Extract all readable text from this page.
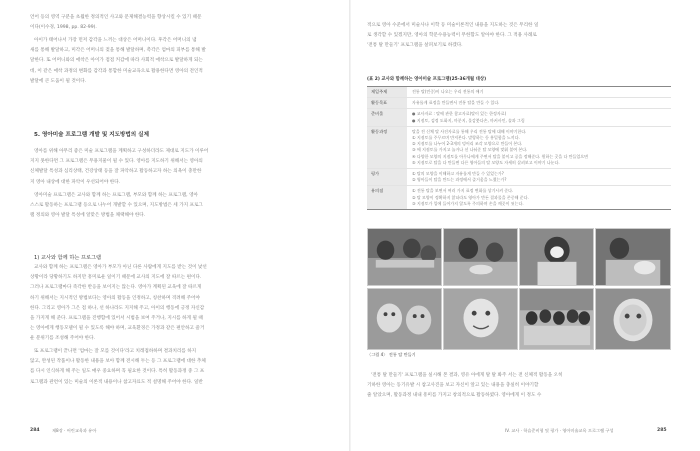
언어 등의 영역 구분을 초월한 정의적인 사고와 문제해결능력을 향상시킬 수 있기 때문

이다(이수경, 1998, pp. 82-99).

아이가 태어나서 가장 먼저 감각을 느끼는 대상은 어머니이다. 후각은 어머니의 냄

새를 통해 발달하고, 미각은 어머니의 젖을 통해 발달하며, 촉각은 엄마의 피부를 통해 발

달한다. 또 어머니와의 애착은 아이가 점점 커감에 따라 사회적 애착으로 발달하게 되는

데, 이 같은 애착 과정의 변화를 감각과 통합한 미술교육으로 활용한다면 영아의 전인적

발달에 큰 도움이 될 것이다.

5. 영아미술 프로그램 개발 및 지도방법의 실제

영아를 위해 아무리 좋은 미술 프로그램을 계획하고 구성하더라도 제대로 지도가 이루어

지지 못한다면 그 프로그램은 무용지물이 될 수 있다. 영아를 지도하기 위해서는 영아의

신체발달 특성과 심리상태, 건강상태 등을 잘 파악하고 활동하고자 하는 의욕이 충만한

지 영아 내상에 대한 파악이 우선되어야 한다.

영아미술 프로그램은 교사와 함께 하는 프로그램, 부모와 함께 하는 프로그램, 영아

스스로 활동하는 프로그램 등으로 나누어 개발할 수 있으며, 지도방법은 세 가지 프로그

램 정의와 영아 발달 특성에 알맞은 방법을 채택해야 한다.

1) 교사와 함께 하는 프로그램

교사와 함께 하는 프로그램은 영아가 부모가 아닌 다른 사람에게 지도를 받는 것이 낯선

상황이라 당황하기도 하지만 흥미로운 일이기 때문에 교사의 지도에 잘 따르는 편이다.

그러나 프로그램마다 즉각한 반응을 보이지는 않는다. 영아가 계획된 교육에 잘 따르게

하기 위해서는 지시적인 방법보다는 영아의 활동을 인정하고, 칭찬하며 격려해 주어야

한다. 그리고 영아가 그은 점 하나, 선 하나라도 지지해 주고, 아이의 행동에 긍정 자신감

을 가지게 해 준다. 프로그램을 진행함에 있어서 시범을 보여 주거나, 지시를 하게 될 때

는 영아에게 행동모델이 될 수 있도록 해야 하며, 교육환경은 가정과 같은 편안하고 즐거

운 분위기를 조성해 주어야 한다.

또 프로그램이 끝나면 '엄마는 잘 모를 것이다'라고 치레접하하며 결과치리를 하지

않고, 완성된 작품이나 활동한 내용을 보아 함께 전시해 두는 등 그 프로그램에 대한 추체

를 다시 인식하게 해 주는 일도 매우 중요하며 꼭 필요한 것이다. 특히 활동과정 중 그 프

로그램과 관련이 있는 미술의 이론적 내용이나 참고자료도 적 설명해 주어야 한다. 일반

284	제8장 · 어린교육과 유아

적으로 영아 수준에서 미술사나 이학 등 미술이론적인 내용을 지도하는 것은 무리한 일

로 생각할 수 있겠지만, 영아의 학문수용능력이 무한함도 알아야 한다. 그 적용 사례로

'전통 탈 만들기' 프로그램을 살펴보기로 하겠다.

(표 2) 교사와 함께하는 영아미술 프로그램(25-36개월 대상)
제일주제	전통 탈(민중)이 나오는 우리 전통의 얘기
활동목표	자유롭게 표정을 만들면서 전통 탈을 만들 수 있다.
준비물	● 교사자료 : 탈에 관한 참고자료(탈이 있는 한정자료)
● 지점토, 검정 도화지, 마분지, 물감붓다손, 마커사인, 솔과 그림
활동과정	탈을 전 신체 탈 사진자료를 통해 우리 전통 탈에 대해 이야기한다.
① 지점토를 주무르며 만져본다. 말랑하는 등 흥밀함을 느끼다.
② 지점토를 나누어 2-3개의 덩어리 조각 모양으로 만들어 본다.
③ 에 지점토를 가지고 놀거나 선 나눠준 탈 모양에 맞춰 붙여 본다.
④ 다양한 모양의 지점토를 아무나에게 주면서 탈을 붙이고 공을 정해준다. 원하는 곳을 다 만들었으면
⑤ 지점토로 탈을 다 만들면 다른 영아들의 탈 모양도 자세히 살펴보고 이야기 나눈다.
평가	① 탈의 모양을 이해하고 자유롭게 만들 수 있었는가?
② 영아들이 탈을 만드는 과정에서 즐거움을 느꼈는가?
유의점	① 전통 탈을 보면서 여러 가지 표정 변화를 상기시켜 준다.
② 탈 모양이 정확하지 않더라도 영아가 만든 결과물을 존중해 준다.
③ 지점토가 입에 들어가지 않도록 주의하며 손을 깨끗이 씻는다.
〈그림 4〉 전통 탈 만들기

'전통 탈 만들기' 프로그램을 실시해 본 결과, 영유 아에게 탈 탈 봐주 서는 전 신체적 활동을 오히

기하한 영아는 동기유발 시 참고사진을 보고 자신이 앞고 있는 내용을 충실히 이야기할

줄 알았으며, 활동과정 내내 흥미를 가지고 창의적으로 활동하였다. 영아에게 이 정도 수

IV. 교사 · 학습준비형 및 평가 · 영아미술교육 프로그램 구성	285
